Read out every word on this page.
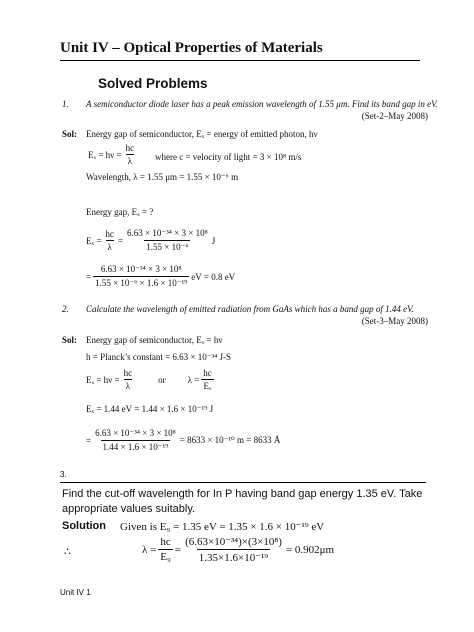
Unit IV – Optical Properties of Materials
Solved Problems
1. A semiconductor diode laser has a peak emission wavelength of 1.55 μm. Find its band gap in eV.
(Set-2–May 2008)
Sol: Energy gap of semiconductor, Eₓ = energy of emitted photon, hν
$E_x = h\nu = \frac{hc}{\lambda}$ where c = velocity of light = 3 × 10⁸ m/s
Wavelength, λ = 1.55 μm = 1.55 × 10⁻⁶ m
Energy gap, Eₓ = ?
$E_x = \frac{hc}{\lambda} = \frac{\text{6.63 × 10⁻³⁴ × 3 × 10⁸}}{\text{1.55 × 10⁻⁶}}$ J
= $\frac{\text{6.63 × 10⁻³⁴ × 3 × 10⁸}}{\text{1.55 × 10⁻⁶ × 1.6 × 10⁻¹⁹}}$ eV = 0.8 eV
2. Calculate the wavelength of emitted radiation from GaAs which has a band gap of 1.44 eV.
(Set-3–May 2008)
Sol: Energy gap of semiconductor, Eₓ = hν
h = Planck’s constant = 6.63 × 10⁻³⁴ J-S
$E_x = h\nu = \frac{hc}{\lambda}$	or $\lambda = \frac{hc}{\text{Eₓ}}$
Eₓ = 1.44 eV = 1.44 × 1.6 × 10⁻¹⁹ J
= $\frac{\text{6.63 × 10⁻³⁴ × 3 × 10⁸}}{\text{1.44 × 1.6 × 10⁻¹⁹}} = 8633 \times 10^{-10}$ m = 8633 Å
3.
Find the cut-off wavelength for In P having band gap energy 1.35 eV. Take appropriate values suitably.
Solution Given is E₉ = 1.35 eV = 1.35 × 1.6 × 10⁻¹⁹ eV
∴	$\lambda = \frac{hc}{\text{E₉}} = \frac{\text{(6.63×10⁻³⁴)×(3×10⁸)}}{\text{1.35×1.6×10⁻¹⁹}} = 0.902\mu m$
Unit IV 1
